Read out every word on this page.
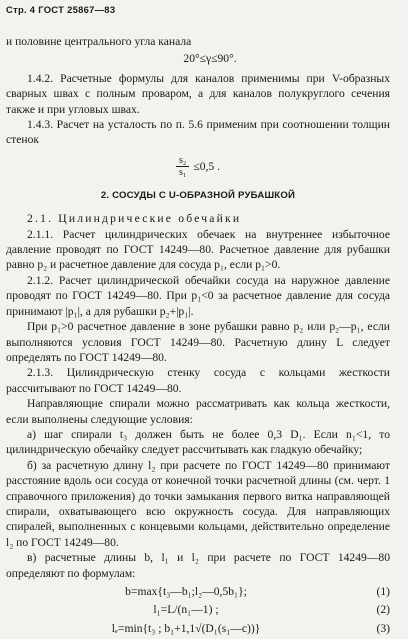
Стр. 4 ГОСТ 25867—83

и половине центрального угла канала

20°≤γ≤90°.

1.4.2. Расчетные формулы для каналов применимы при V-образных сварных швах с полным проваром, а для каналов полукруглого сечения также и при угловых швах.

1.4.3. Расчет на усталость по п. 5.6 применим при соотношении толщин стенок

$\frac{\text{s₂}}{\text{s₁}} \le 0,5$ .
2. СОСУДЫ С U-ОБРАЗНОЙ РУБАШКОЙ

2.1. Цилиндрические обечайки

2.1.1. Расчет цилиндрических обечаек на внутреннее избыточное давление проводят по ГОСТ 14249—80. Расчетное давление для рубашки равно p₂ и расчетное давление для сосуда p₁, если p₁>0.

2.1.2. Расчет цилиндрической обечайки сосуда на наружное давление проводят по ГОСТ 14249—80. При p₁<0 за расчетное давление для сосуда принимают |p₁|, а для рубашки p₂+|p₁|.

При p₁>0 расчетное давление в зоне рубашки равно p₂ или p₂—p₁, если выполняются условия ГОСТ 14249—80. Расчетную длину L следует определять по ГОСТ 14249—80.

2.1.3. Цилиндрическую стенку сосуда с кольцами жесткости рассчитывают по ГОСТ 14249—80.

Направляющие спирали можно рассматривать как кольца жесткости, если выполнены следующие условия:

а) шаг спирали t₃ должен быть не более 0,3 D₁. Если n₁<1, то цилиндрическую обечайку следует рассчитывать как гладкую обечайку;

б) за расчетную длину l₂ при расчете по ГОСТ 14249—80 принимают расстояние вдоль оси сосуда от конечной точки расчетной длины (см. черт. 1 справочного приложения) до точки замыкания первого витка направляющей спирали, охватывающего всю окружность сосуда. Для направляющих спиралей, выполненных с концевыми кольцами, действительно определение l₂ по ГОСТ 14249—80.

в) расчетные длины b, l₁ и l₂ при расчете по ГОСТ 14249—80 определяют по формулам:

b=max{t₃—b₁;l₂—0,5b₁};	(1)
l₁=L/(n₁—1) ;	(2)
lₑ=min{t₃ ; b₁+1,1√(D₁(s₁—c))}	(3)
